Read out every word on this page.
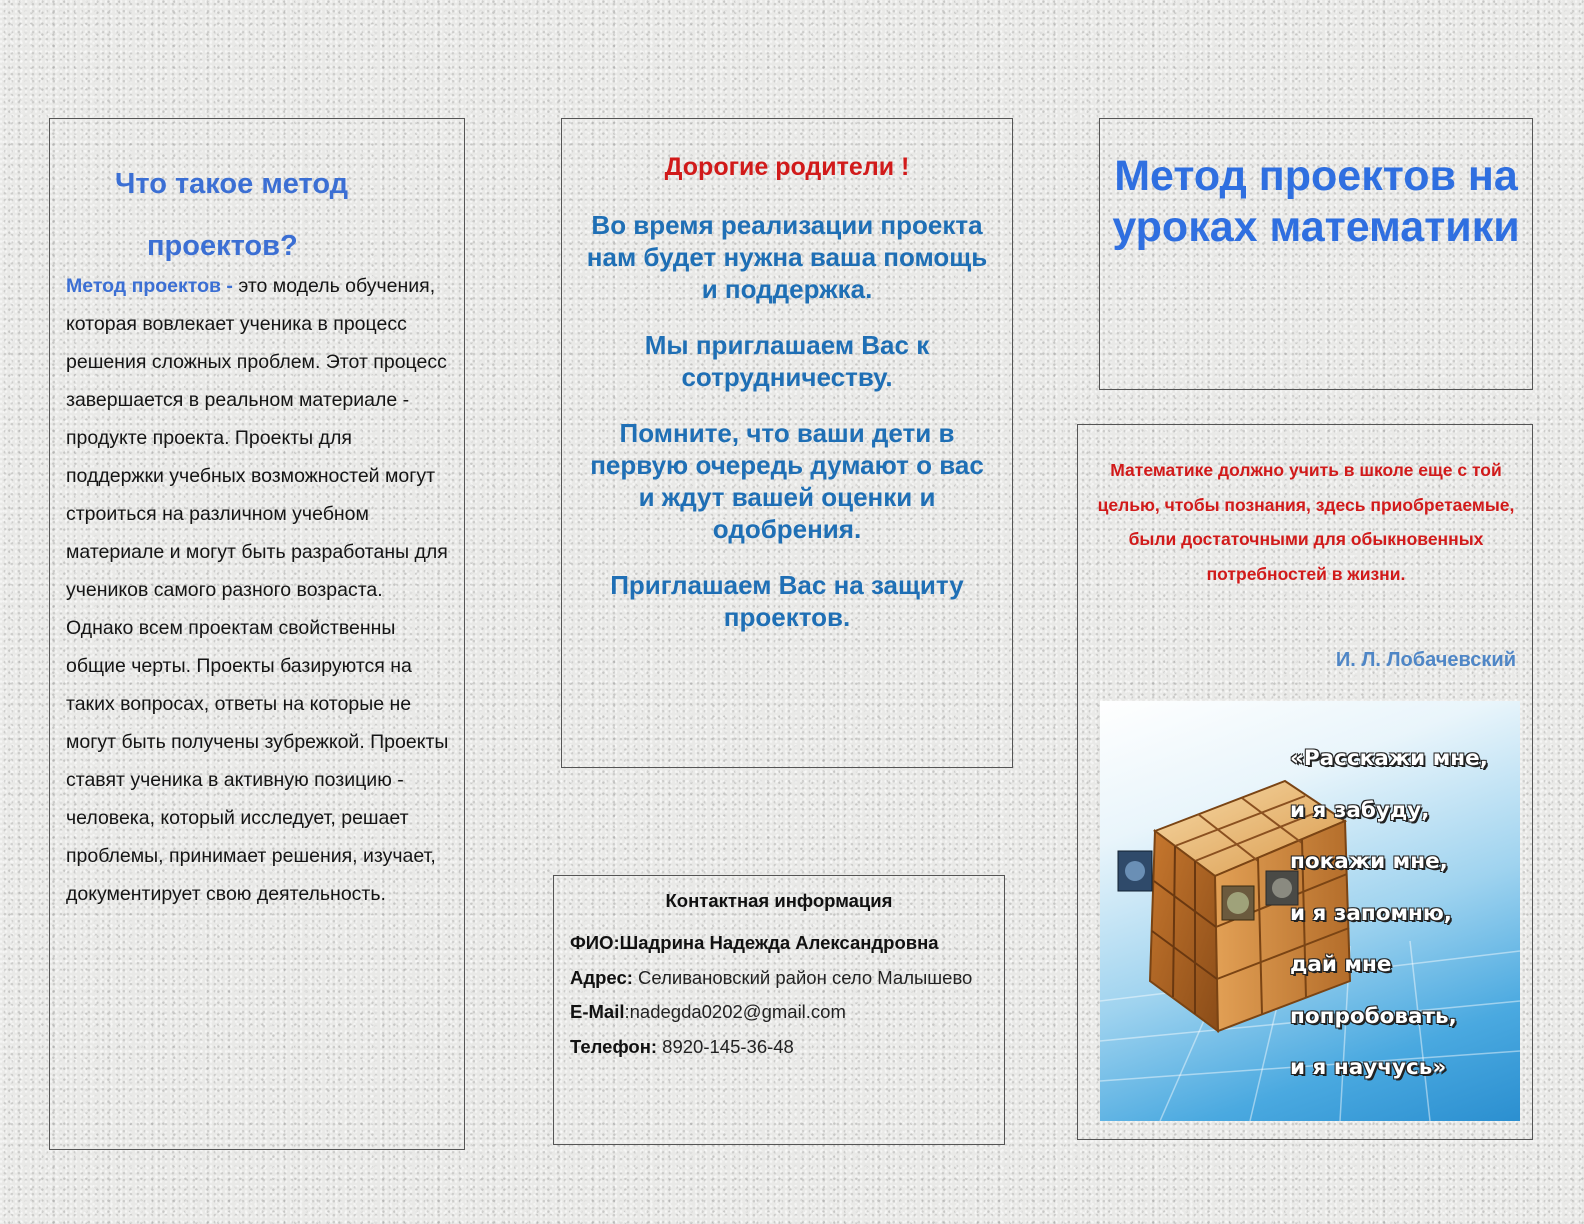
Что такое метод
проектов?
Метод проектов - это модель обучения, которая вовлекает ученика в процесс решения сложных проблем. Этот процесс завершается в реальном материале - продукте проекта. Проекты для поддержки учебных возможностей могут строиться на различном учебном материале и могут быть разработаны для учеников самого разного возраста. Однако всем проектам свойственны общие черты. Проекты базируются на таких вопросах, ответы на которые не могут быть получены зубрежкой. Проекты ставят ученика в активную позицию - человека, который исследует, решает проблемы, принимает решения, изучает, документирует свою деятельность.
Дорогие родители !

Во время реализации проекта нам будет нужна ваша помощь и поддержка.

Мы приглашаем Вас к сотрудничеству.

Помните, что ваши дети в первую очередь думают о вас и ждут вашей оценки и одобрения.

Приглашаем Вас на защиту проектов.

Контактная информация
ФИО:Шадрина Надежда Александровна
Адрес: Селивановский район село Малышево
E-Mail:nadegda0202@gmail.com
Телефон: 8920-145-36-48
Метод проектов на уроках математики
Математике должно учить в школе еще с той целью, чтобы познания, здесь приобретаемые, были достаточными для обыкновенных потребностей в жизни.
И. Л. Лобачевский
«Расскажи мне,
и я забуду,
покажи мне,
и я запомню,
дай мне
попробовать,
и я научусь»
